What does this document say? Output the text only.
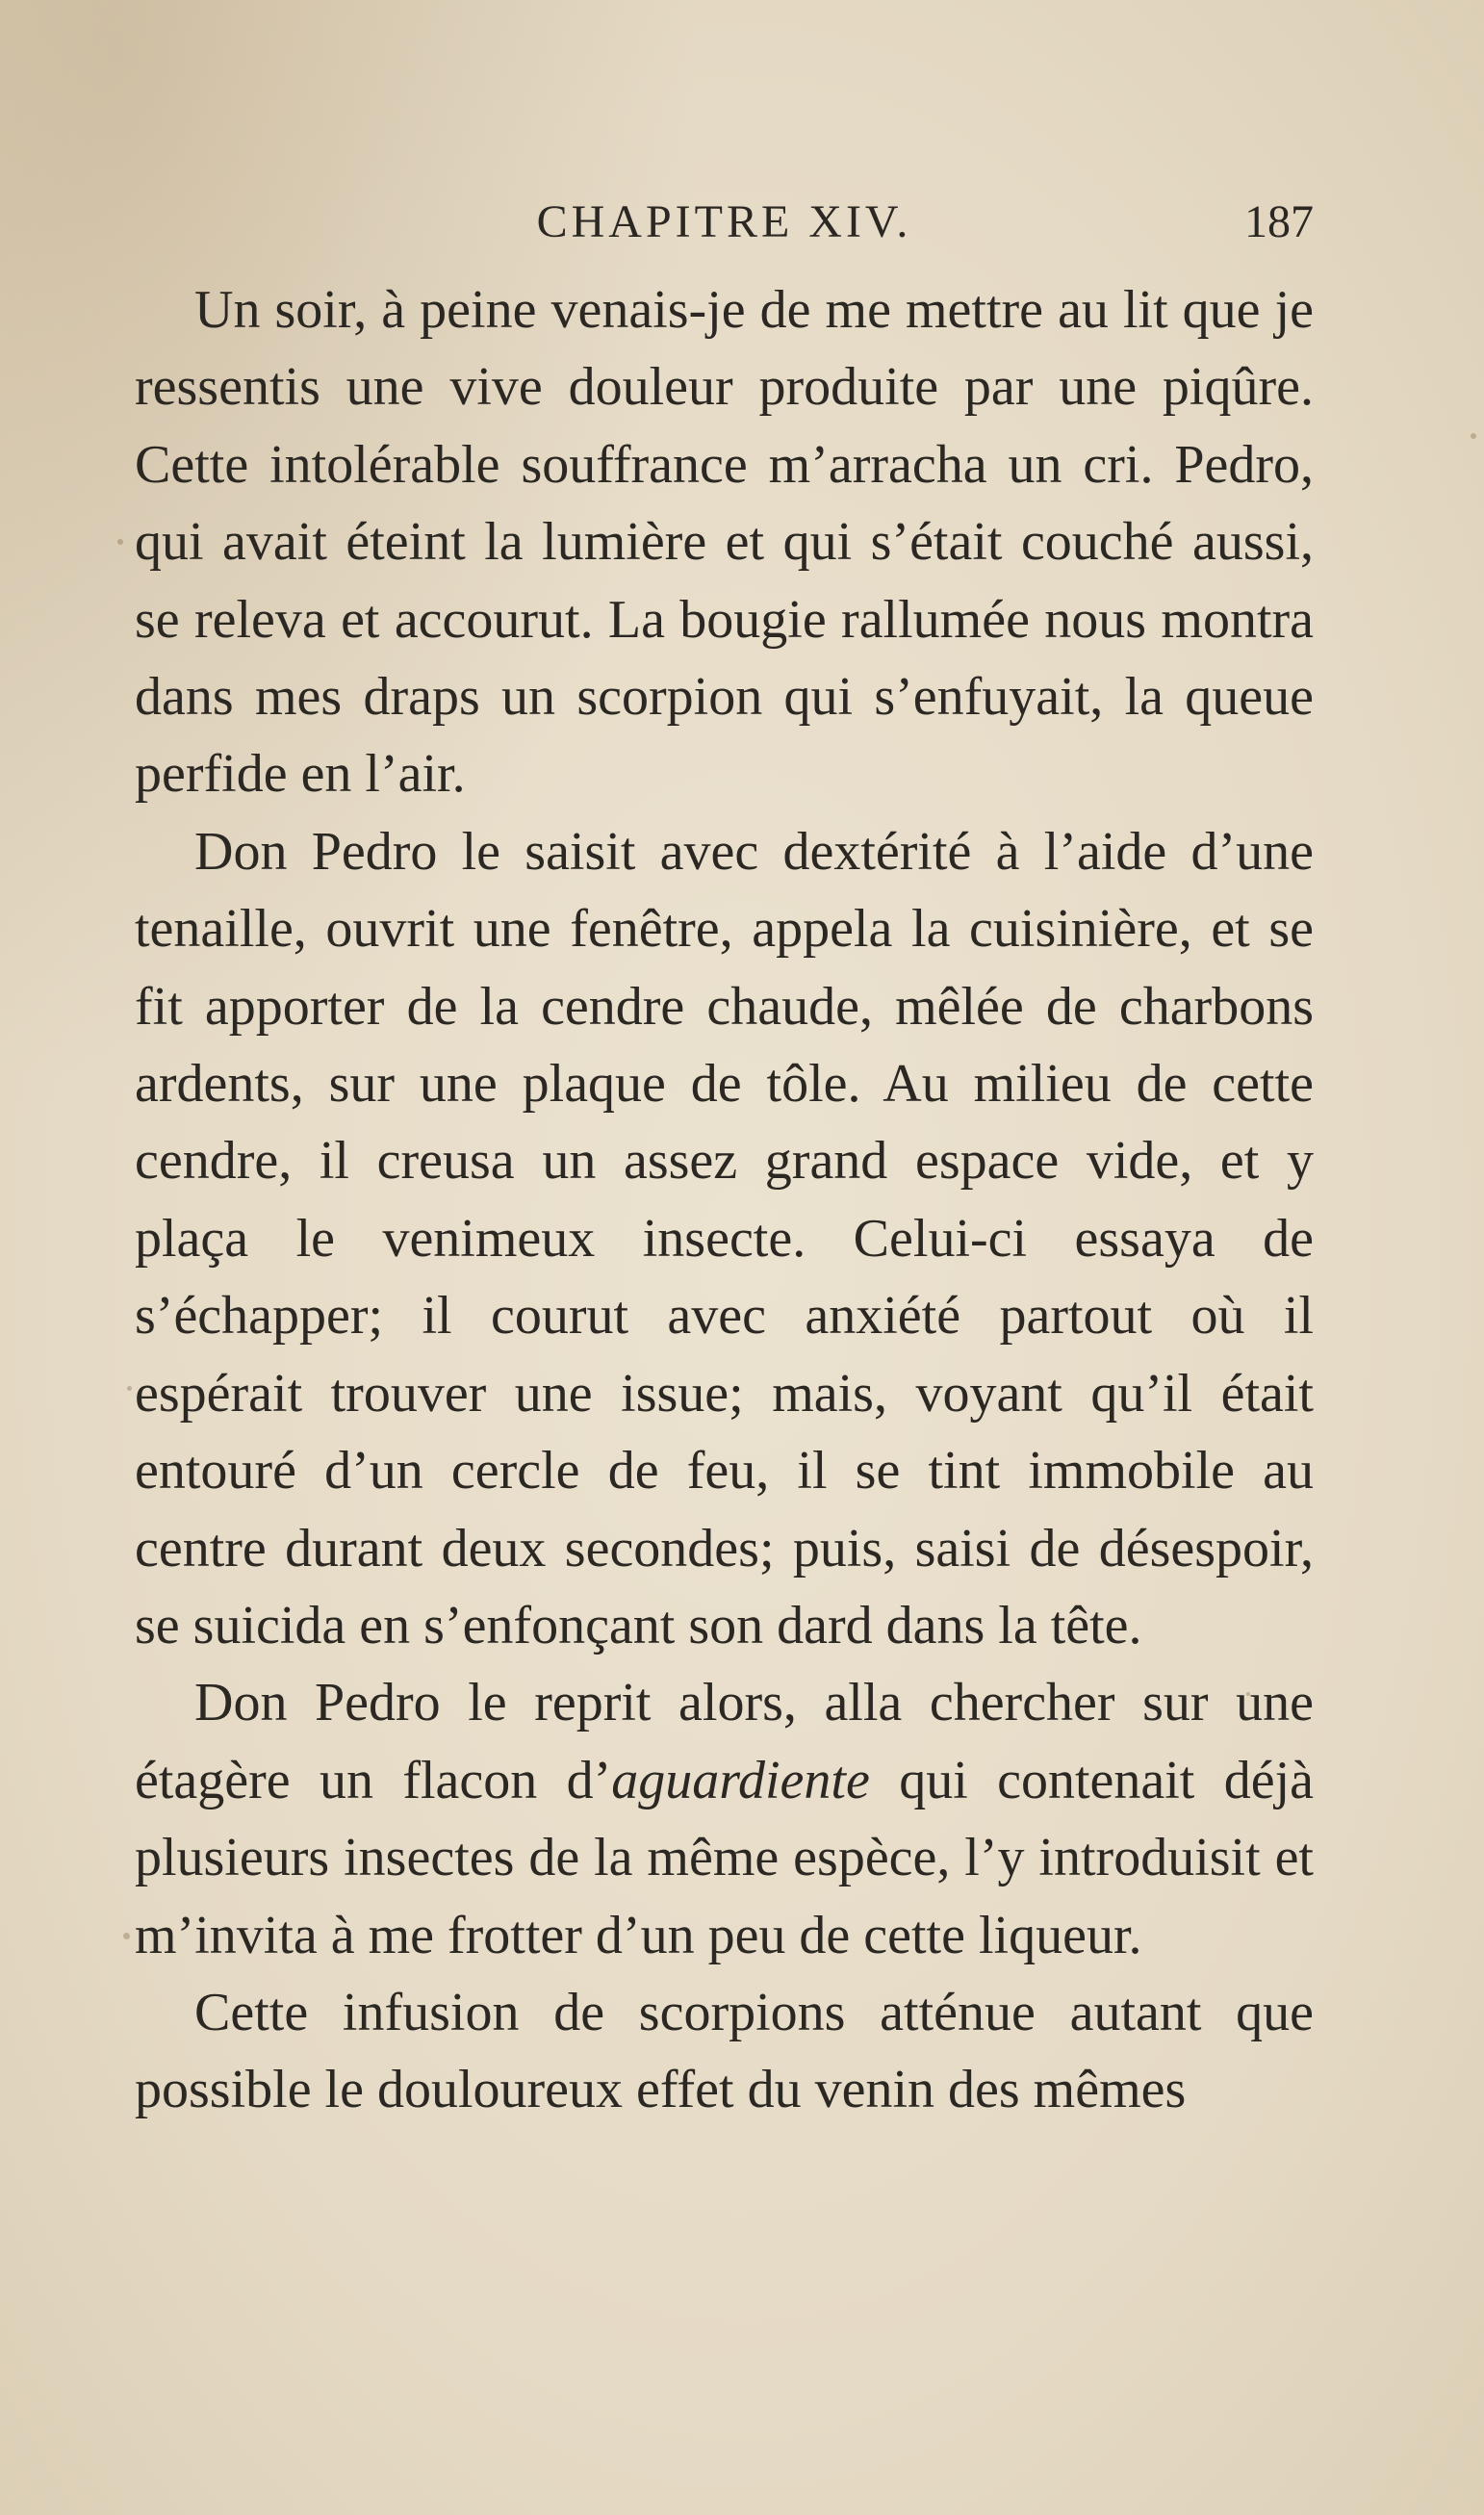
CHAPITRE XIV.	187

Un soir, à peine venais-je de me mettre au lit que je ressentis une vive douleur produite par une piqûre. Cette intolérable souffrance m’arracha un cri. Pedro, qui avait éteint la lumière et qui s’était couché aussi, se releva et accourut. La bougie rallumée nous montra dans mes draps un scorpion qui s’enfuyait, la queue perfide en l’air.

Don Pedro le saisit avec dextérité à l’aide d’une tenaille, ouvrit une fenêtre, appela la cuisinière, et se fit apporter de la cendre chaude, mêlée de charbons ardents, sur une plaque de tôle. Au milieu de cette cendre, il creusa un assez grand espace vide, et y plaça le venimeux insecte. Celui-ci essaya de s’échapper; il courut avec anxiété partout où il espérait trouver une issue; mais, voyant qu’il était entouré d’un cercle de feu, il se tint immobile au centre durant deux secondes; puis, saisi de désespoir, se suicida en s’enfonçant son dard dans la tête.

Don Pedro le reprit alors, alla chercher sur une étagère un flacon d’aguardiente qui contenait déjà plusieurs insectes de la même espèce, l’y introduisit et m’invita à me frotter d’un peu de cette liqueur.

Cette infusion de scorpions atténue autant que possible le douloureux effet du venin des mêmes
